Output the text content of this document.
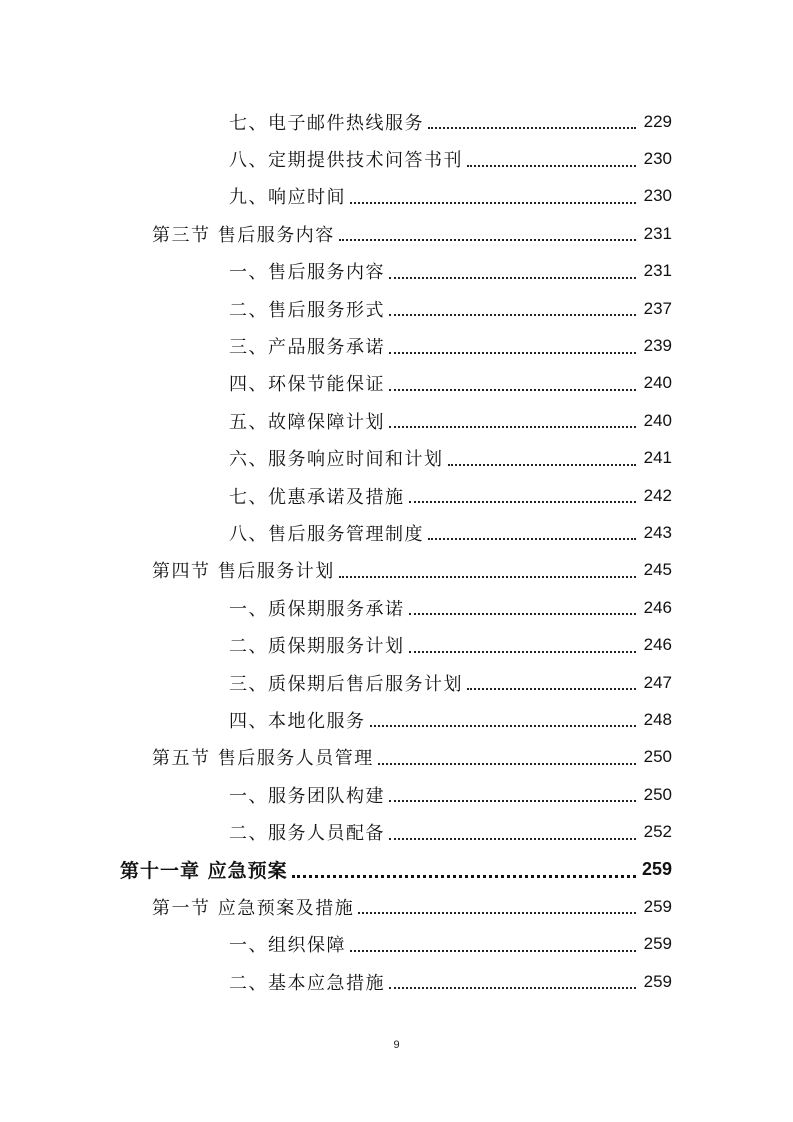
七、电子邮件热线服务	229
八、定期提供技术问答书刊	230
九、响应时间	230
第三节 售后服务内容	231
一、售后服务内容	231
二、售后服务形式	237
三、产品服务承诺	239
四、环保节能保证	240
五、故障保障计划	240
六、服务响应时间和计划	241
七、优惠承诺及措施	242
八、售后服务管理制度	243
第四节 售后服务计划	245
一、质保期服务承诺	246
二、质保期服务计划	246
三、质保期后售后服务计划	247
四、本地化服务	248
第五节 售后服务人员管理	250
一、服务团队构建	250
二、服务人员配备	252
第十一章 应急预案	259
第一节 应急预案及措施	259
一、组织保障	259
二、基本应急措施	259
9
